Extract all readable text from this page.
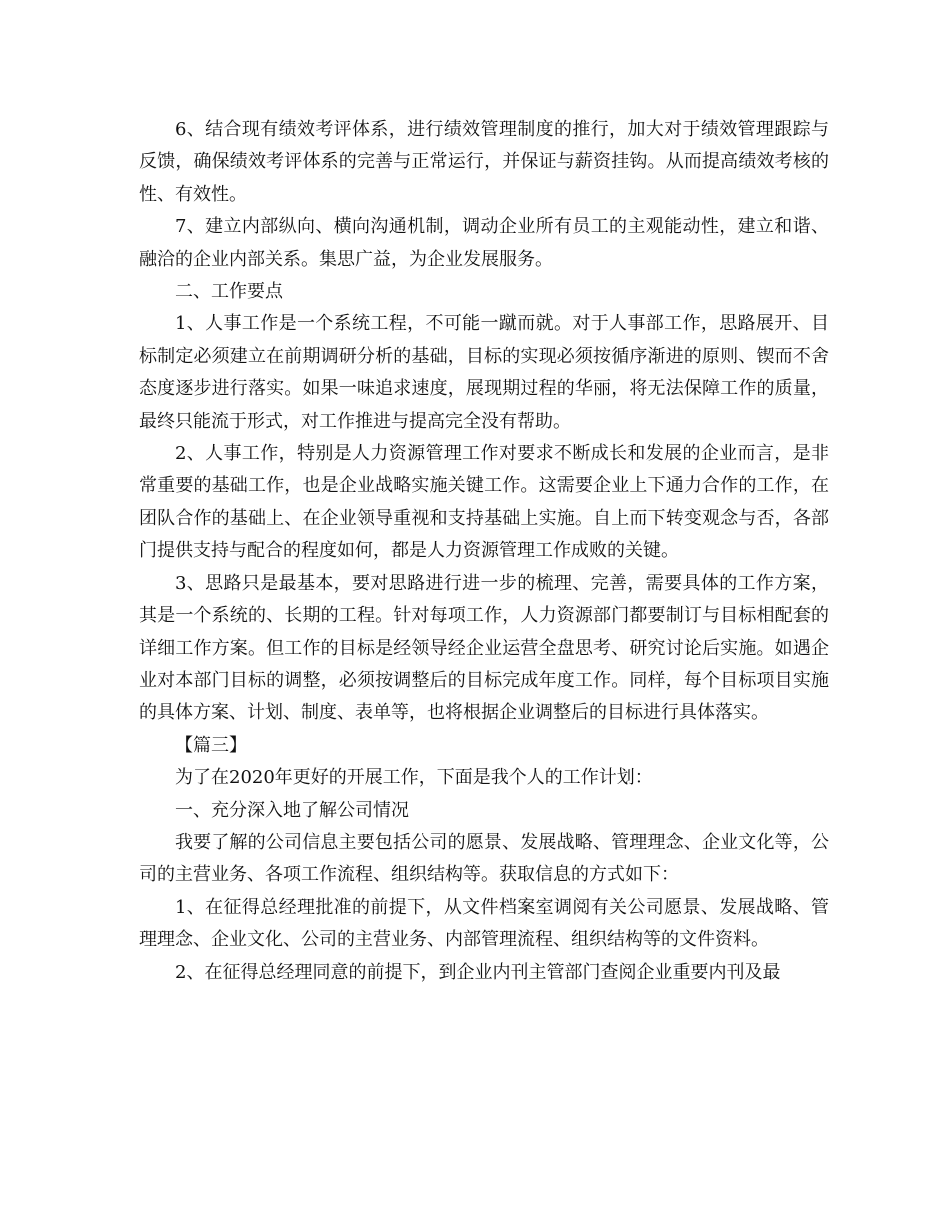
6、结合现有绩效考评体系，进行绩效管理制度的推行，加大对于绩效管理跟踪与反馈，确保绩效考评体系的完善与正常运行，并保证与薪资挂钩。从而提高绩效考核的性、有效性。

7、建立内部纵向、横向沟通机制，调动企业所有员工的主观能动性，建立和谐、融洽的企业内部关系。集思广益，为企业发展服务。

二、工作要点

1、人事工作是一个系统工程，不可能一蹴而就。对于人事部工作，思路展开、目标制定必须建立在前期调研分析的基础，目标的实现必须按循序渐进的原则、锲而不舍态度逐步进行落实。如果一味追求速度，展现期过程的华丽，将无法保障工作的质量，最终只能流于形式，对工作推进与提高完全没有帮助。

2、人事工作，特别是人力资源管理工作对要求不断成长和发展的企业而言，是非常重要的基础工作，也是企业战略实施关键工作。这需要企业上下通力合作的工作，在团队合作的基础上、在企业领导重视和支持基础上实施。自上而下转变观念与否，各部门提供支持与配合的程度如何，都是人力资源管理工作成败的关键。

3、思路只是最基本，要对思路进行进一步的梳理、完善，需要具体的工作方案，其是一个系统的、长期的工程。针对每项工作，人力资源部门都要制订与目标相配套的详细工作方案。但工作的目标是经领导经企业运营全盘思考、研究讨论后实施。如遇企业对本部门目标的调整，必须按调整后的目标完成年度工作。同样，每个目标项目实施的具体方案、计划、制度、表单等，也将根据企业调整后的目标进行具体落实。

【篇三】

为了在2020年更好的开展工作，下面是我个人的工作计划：

一、充分深入地了解公司情况

我要了解的公司信息主要包括公司的愿景、发展战略、管理理念、企业文化等，公司的主营业务、各项工作流程、组织结构等。获取信息的方式如下：

1、在征得总经理批准的前提下，从文件档案室调阅有关公司愿景、发展战略、管理理念、企业文化、公司的主营业务、内部管理流程、组织结构等的文件资料。

2、在征得总经理同意的前提下，到企业内刊主管部门查阅企业重要内刊及最
